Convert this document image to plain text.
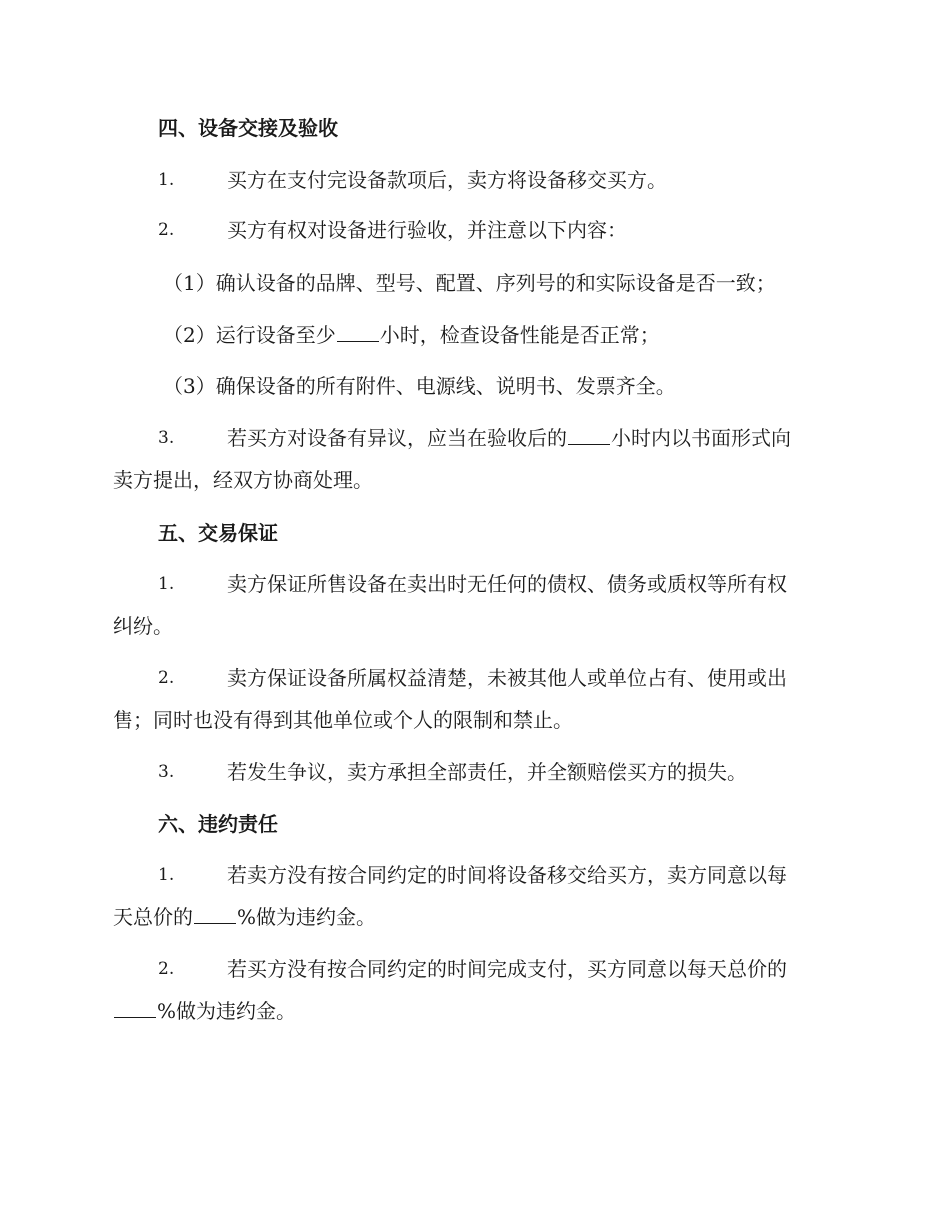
四、设备交接及验收
1.	买方在支付完设备款项后，卖方将设备移交买方。
2.	买方有权对设备进行验收，并注意以下内容：
（1）确认设备的品牌、型号、配置、序列号的和实际设备是否一致；
（2）运行设备至少 小时，检查设备性能是否正常；
（3）确保设备的所有附件、电源线、说明书、发票齐全。
3.	若买方对设备有异议，应当在验收后的 小时内以书面形式向
卖方提出，经双方协商处理。
五、交易保证
1.	卖方保证所售设备在卖出时无任何的债权、债务或质权等所有权
纠纷。
2.	卖方保证设备所属权益清楚，未被其他人或单位占有、使用或出
售；同时也没有得到其他单位或个人的限制和禁止。
3.	若发生争议，卖方承担全部责任，并全额赔偿买方的损失。
六、违约责任
1.	若卖方没有按合同约定的时间将设备移交给买方，卖方同意以每
天总价的 %做为违约金。
2.	若买方没有按合同约定的时间完成支付，买方同意以每天总价的
%做为违约金。
